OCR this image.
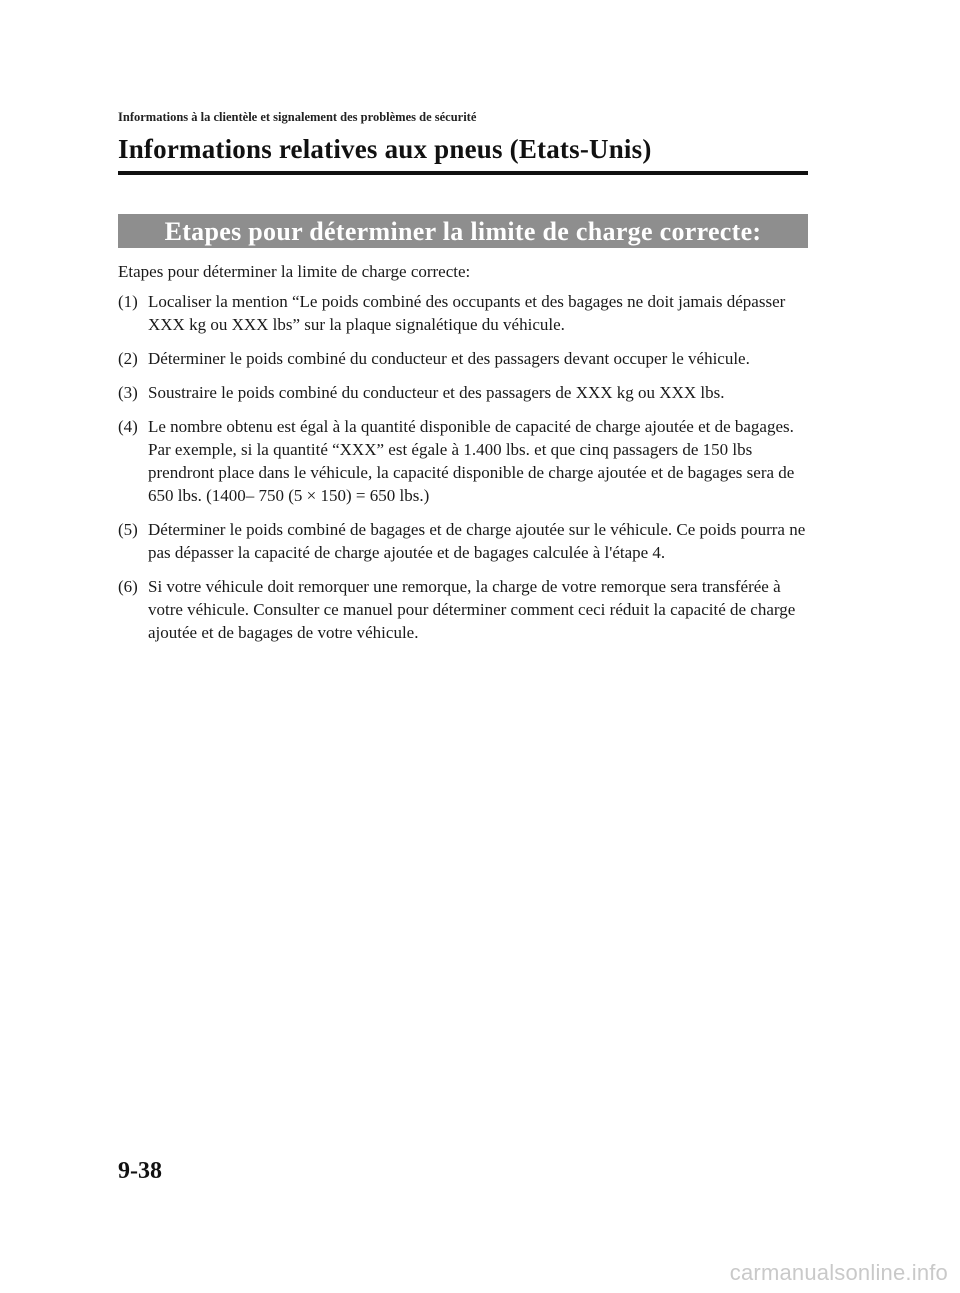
Informations à la clientèle et signalement des problèmes de sécurité
Informations relatives aux pneus (Etats-Unis)
Etapes pour déterminer la limite de charge correcte:
Etapes pour déterminer la limite de charge correcte:
(1) Localiser la mention “Le poids combiné des occupants et des bagages ne doit jamais dépasser XXX kg ou XXX lbs” sur la plaque signalétique du véhicule.
(2) Déterminer le poids combiné du conducteur et des passagers devant occuper le véhicule.
(3) Soustraire le poids combiné du conducteur et des passagers de XXX kg ou XXX lbs.
(4) Le nombre obtenu est égal à la quantité disponible de capacité de charge ajoutée et de bagages. Par exemple, si la quantité “XXX” est égale à 1.400 lbs. et que cinq passagers de 150 lbs prendront place dans le véhicule, la capacité disponible de charge ajoutée et de bagages sera de 650 lbs. (1400– 750 (5 × 150) = 650 lbs.)
(5) Déterminer le poids combiné de bagages et de charge ajoutée sur le véhicule. Ce poids pourra ne pas dépasser la capacité de charge ajoutée et de bagages calculée à l'étape 4.
(6) Si votre véhicule doit remorquer une remorque, la charge de votre remorque sera transférée à votre véhicule. Consulter ce manuel pour déterminer comment ceci réduit la capacité de charge ajoutée et de bagages de votre véhicule.
9-38
carmanualsonline.info
